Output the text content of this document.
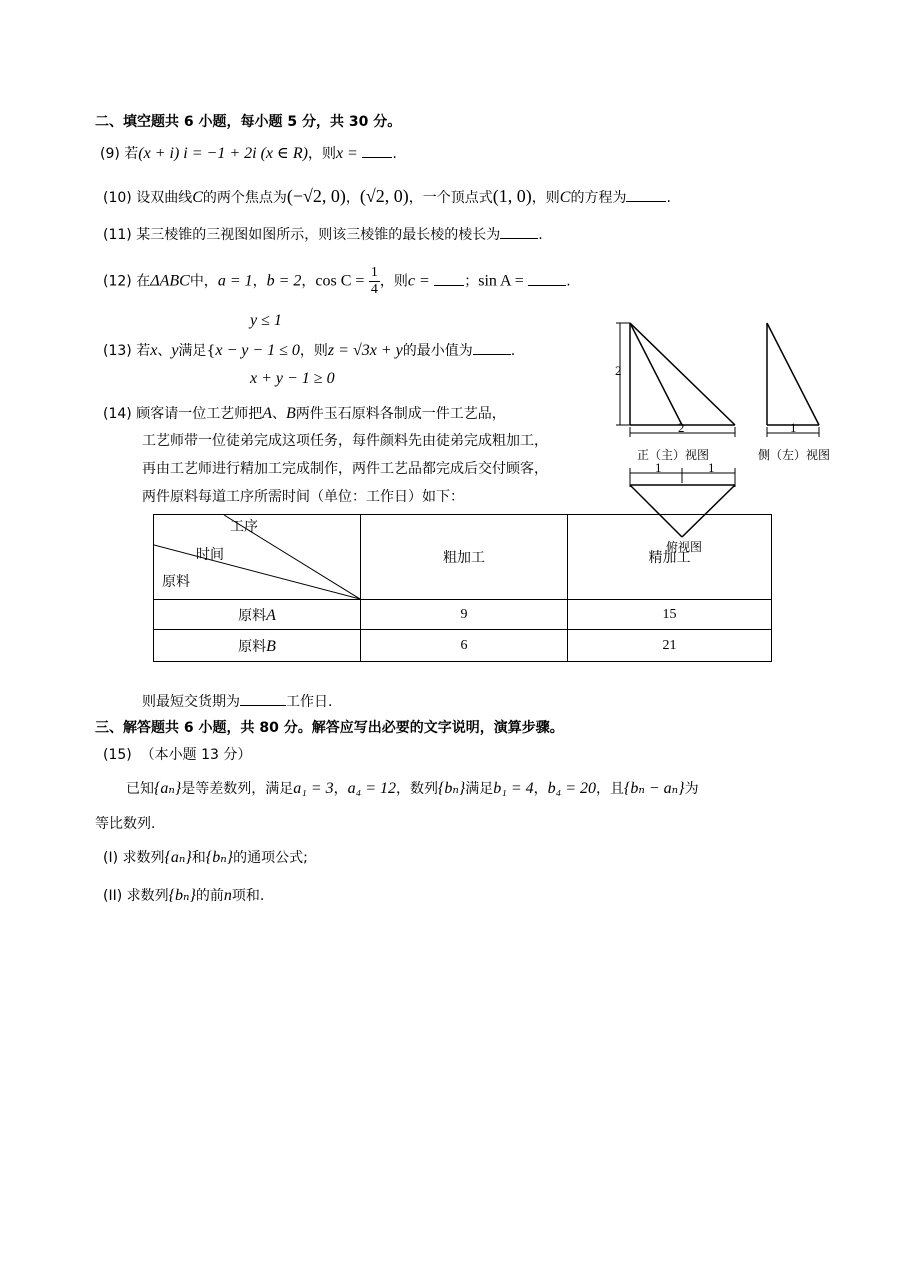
二、填空题共 6 小题，每小题 5 分，共 30 分。
(9) 若(x + i) i = −1 + 2i (x ∈ R)，则x = .
(10) 设双曲线C的两个焦点为(−√2, 0)，(√2, 0)，一个顶点式(1, 0)，则C的方程为	.
(11) 某三棱锥的三视图如图所示，则该三棱锥的最长棱的棱长为	.
(12) 在ΔABC中，a = 1，b = 2，$\cos C = \frac{1}{4}$ ，则c = ；sin A =	.
y ≤ 1
(13) 若x、y满足{x − y − 1 ≤ 0，则z = √3x + y的最小值为	.
x + y − 1 ≥ 0
(14) 顾客请一位工艺师把A、B两件玉石原料各制成一件工艺品，
工艺师带一位徒弟完成这项任务，每件颜料先由徒弟完成粗加工，
再由工艺师进行精加工完成制作，两件工艺品都完成后交付顾客，
两件原料每道工序所需时间（单位：工作日）如下：
2
2	1
正（主）视图	侧（左）视图
1	1
俯视图
工序
时间
原料	粗加工	精加工
原料A	9	15
原料B	6	21
则最短交货期为	工作日.
三、解答题共 6 小题，共 80 分。解答应写出必要的文字说明，演算步骤。
(15) （本小题 13 分）
已知{aₙ}是等差数列，满足a₁ = 3，a₄ = 12，数列{bₙ}满足b₁ = 4，b₄ = 20，且{bₙ − aₙ}为
等比数列.
(I) 求数列{aₙ}和{bₙ}的通项公式;
(II) 求数列{bₙ}的前n项和.
